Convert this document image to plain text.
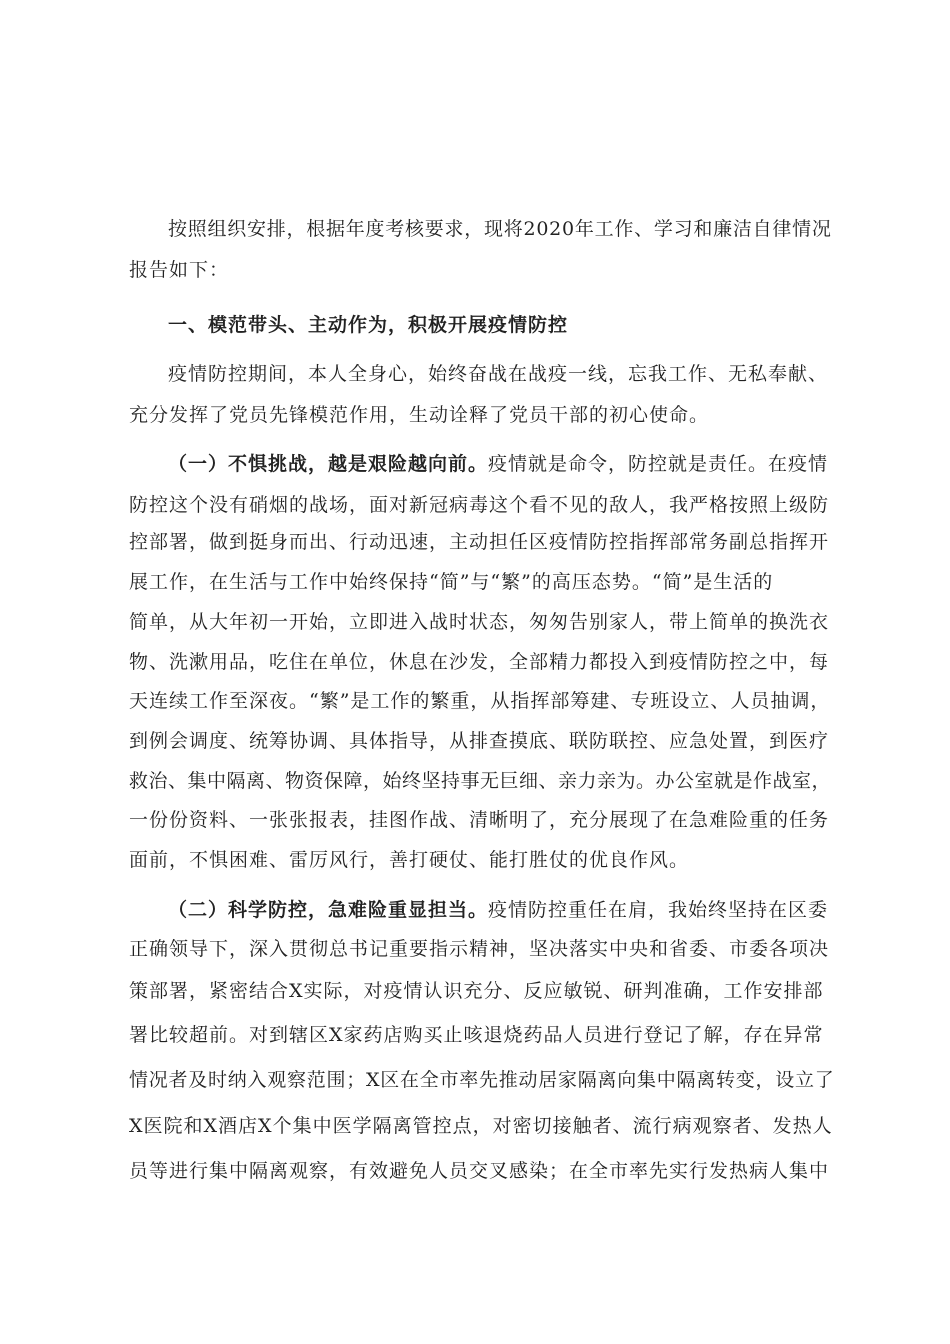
按照组织安排，根据年度考核要求，现将2020年工作、学习和廉洁自律情况
报告如下：
一、模范带头、主动作为，积极开展疫情防控
疫情防控期间，本人全身心，始终奋战在战疫一线，忘我工作、无私奉献、
充分发挥了党员先锋模范作用，生动诠释了党员干部的初心使命。
（一）不惧挑战，越是艰险越向前。疫情就是命令，防控就是责任。在疫情
防控这个没有硝烟的战场，面对新冠病毒这个看不见的敌人，我严格按照上级防
控部署，做到挺身而出、行动迅速，主动担任区疫情防控指挥部常务副总指挥开
展工作，在生活与工作中始终保持“简”与“繁”的高压态势。“简”是生活的
简单，从大年初一开始，立即进入战时状态，匆匆告别家人，带上简单的换洗衣
物、洗漱用品，吃住在单位，休息在沙发，全部精力都投入到疫情防控之中，每
天连续工作至深夜。“繁”是工作的繁重，从指挥部筹建、专班设立、人员抽调，
到例会调度、统筹协调、具体指导，从排查摸底、联防联控、应急处置，到医疗
救治、集中隔离、物资保障，始终坚持事无巨细、亲力亲为。办公室就是作战室，
一份份资料、一张张报表，挂图作战、清晰明了，充分展现了在急难险重的任务
面前，不惧困难、雷厉风行，善打硬仗、能打胜仗的优良作风。
（二）科学防控，急难险重显担当。疫情防控重任在肩，我始终坚持在区委
正确领导下，深入贯彻总书记重要指示精神，坚决落实中央和省委、市委各项决
策部署，紧密结合X实际，对疫情认识充分、反应敏锐、研判准确，工作安排部
署比较超前。对到辖区X家药店购买止咳退烧药品人员进行登记了解，存在异常
情况者及时纳入观察范围；X区在全市率先推动居家隔离向集中隔离转变，设立了
X医院和X酒店X个集中医学隔离管控点，对密切接触者、流行病观察者、发热人
员等进行集中隔离观察，有效避免人员交叉感染；在全市率先实行发热病人集中
